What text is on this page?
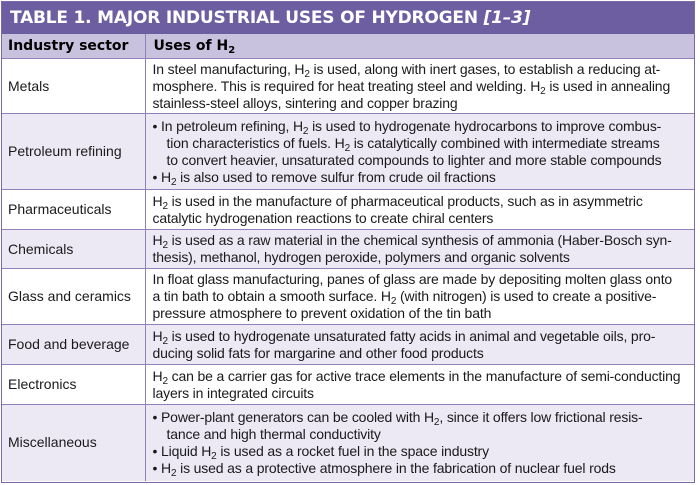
TABLE 1. MAJOR INDUSTRIAL USES OF HYDROGEN [1–3]
Industry sector	Uses of $H_2$
Metals	In steel manufacturing, $H_2$ is used, along with inert gases, to establish a reducing at-
mosphere. This is required for heat treating steel and welding. $H_2$ is used in annealing
stainless-steel alloys, sintering and copper brazing

Petroleum refining	• In petroleum refining, $H_2$ is used to hydrogenate hydrocarbons to improve combus-
tion characteristics of fuels. $H_2$ is catalytically combined with intermediate streams
to convert heavier, unsaturated compounds to lighter and more stable compounds
• $H_2$ is also used to remove sulfur from crude oil fractions

Pharmaceuticals	$H_2$ is used in the manufacture of pharmaceutical products, such as in asymmetric
catalytic hydrogenation reactions to create chiral centers

Chemicals	$H_2$ is used as a raw material in the chemical synthesis of ammonia (Haber-Bosch syn-
thesis), methanol, hydrogen peroxide, polymers and organic solvents

Glass and ceramics	In float glass manufacturing, panes of glass are made by depositing molten glass onto
a tin bath to obtain a smooth surface. $H_2$ (with nitrogen) is used to create a positive-
pressure atmosphere to prevent oxidation of the tin bath

Food and beverage	$H_2$ is used to hydrogenate unsaturated fatty acids in animal and vegetable oils, pro-
ducing solid fats for margarine and other food products

Electronics	$H_2$ can be a carrier gas for active trace elements in the manufacture of semi-conducting
layers in integrated circuits

Miscellaneous	• Power-plant generators can be cooled with $H_2$, since it offers low frictional resis-
tance and high thermal conductivity
• Liquid $H_2$ is used as a rocket fuel in the space industry
• $H_2$ is used as a protective atmosphere in the fabrication of nuclear fuel rods
